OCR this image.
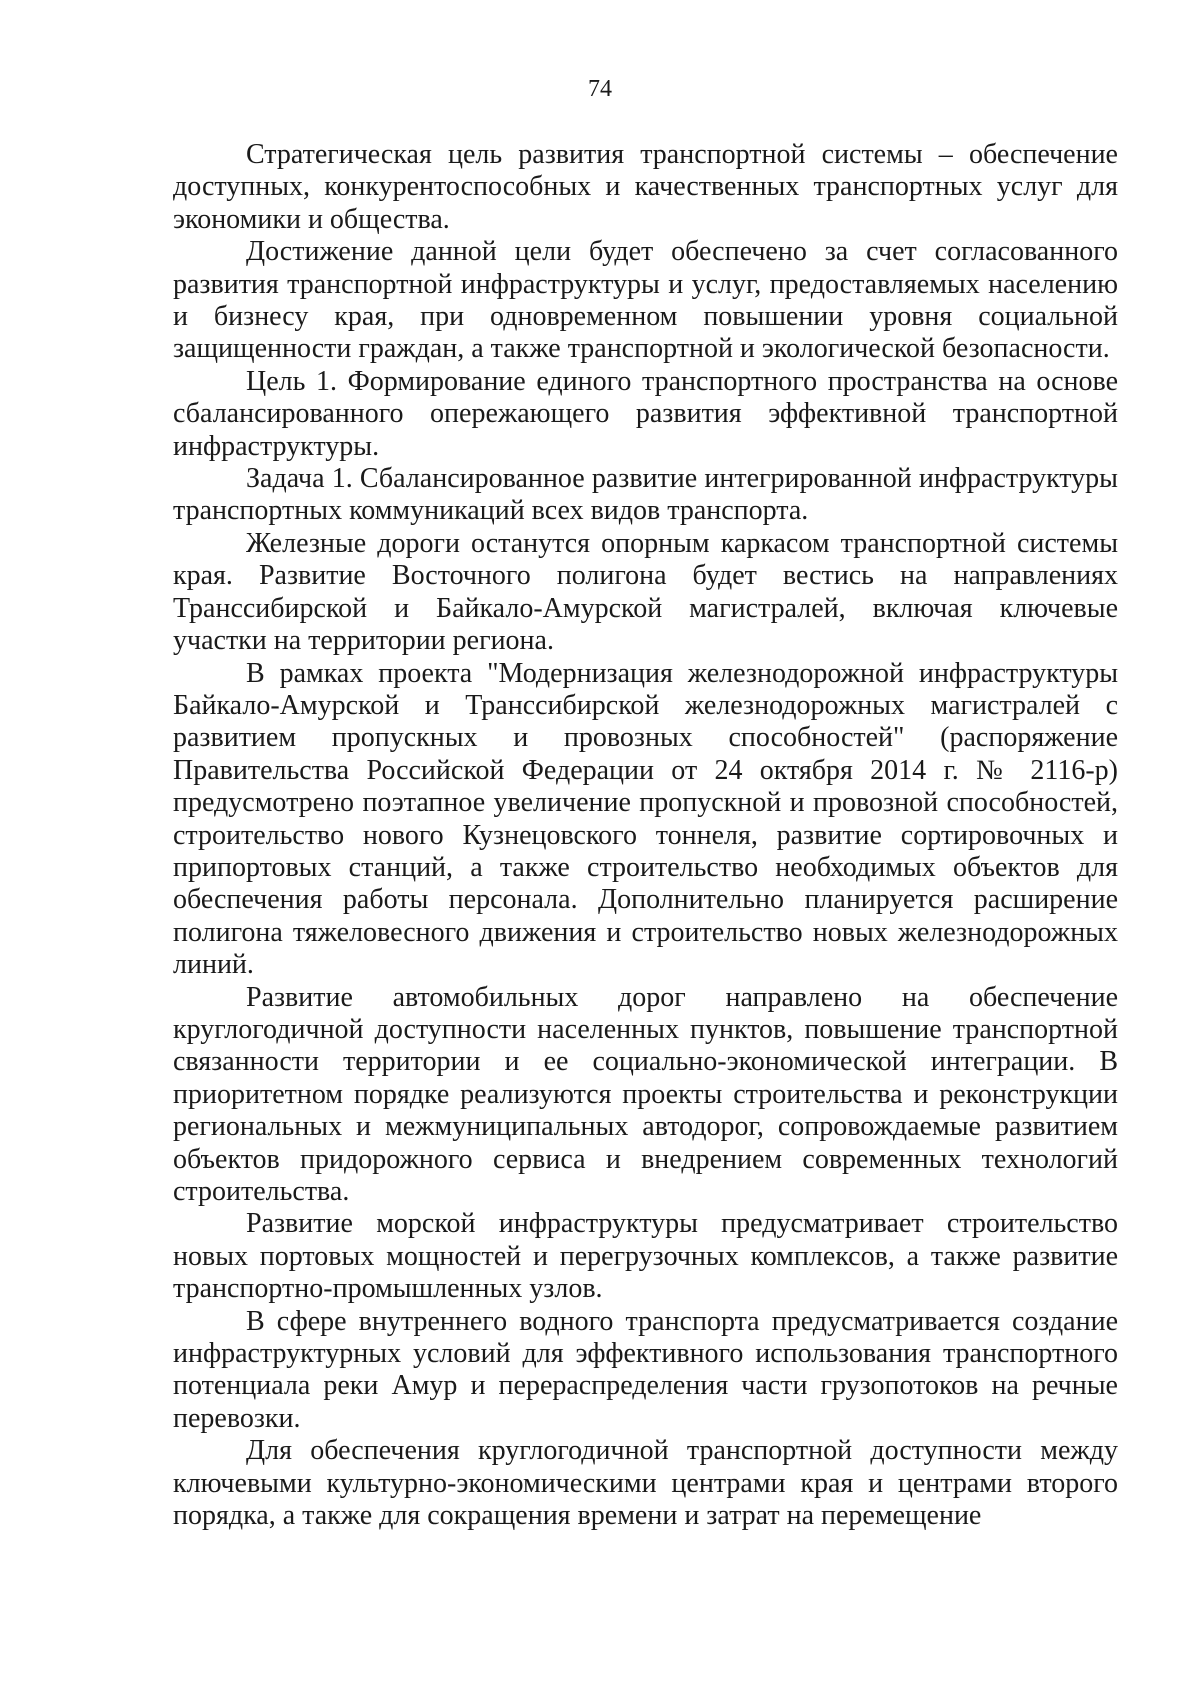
74

Стратегическая цель развития транспортной системы – обеспечение доступных, конкурентоспособных и качественных транспортных услуг для экономики и общества.

Достижение данной цели будет обеспечено за счет согласованного развития транспортной инфраструктуры и услуг, предоставляемых населению и бизнесу края, при одновременном повышении уровня социальной защищенности граждан, а также транспортной и экологической безопасности.

Цель 1. Формирование единого транспортного пространства на основе сбалансированного опережающего развития эффективной транспортной инфраструктуры.

Задача 1. Сбалансированное развитие интегрированной инфраструктуры транспортных коммуникаций всех видов транспорта.

Железные дороги останутся опорным каркасом транспортной системы края. Развитие Восточного полигона будет вестись на направлениях Транссибирской и Байкало-Амурской магистралей, включая ключевые участки на территории региона.

В рамках проекта "Модернизация железнодорожной инфраструктуры Байкало-Амурской и Транссибирской железнодорожных магистралей с развитием пропускных и провозных способностей" (распоряжение Правительства Российской Федерации от 24 октября 2014 г. № 2116-р) предусмотрено поэтапное увеличение пропускной и провозной способностей, строительство нового Кузнецовского тоннеля, развитие сортировочных и припортовых станций, а также строительство необходимых объектов для обеспечения работы персонала. Дополнительно планируется расширение полигона тяжеловесного движения и строительство новых железнодорожных линий.

Развитие автомобильных дорог направлено на обеспечение круглогодичной доступности населенных пунктов, повышение транспортной связанности территории и ее социально-экономической интеграции. В приоритетном порядке реализуются проекты строительства и реконструкции региональных и межмуниципальных автодорог, сопровождаемые развитием объектов придорожного сервиса и внедрением современных технологий строительства.

Развитие морской инфраструктуры предусматривает строительство новых портовых мощностей и перегрузочных комплексов, а также развитие транспортно-промышленных узлов.

В сфере внутреннего водного транспорта предусматривается создание инфраструктурных условий для эффективного использования транспортного потенциала реки Амур и перераспределения части грузопотоков на речные перевозки.

Для обеспечения круглогодичной транспортной доступности между ключевыми культурно-экономическими центрами края и центрами второго порядка, а также для сокращения времени и затрат на перемещение
